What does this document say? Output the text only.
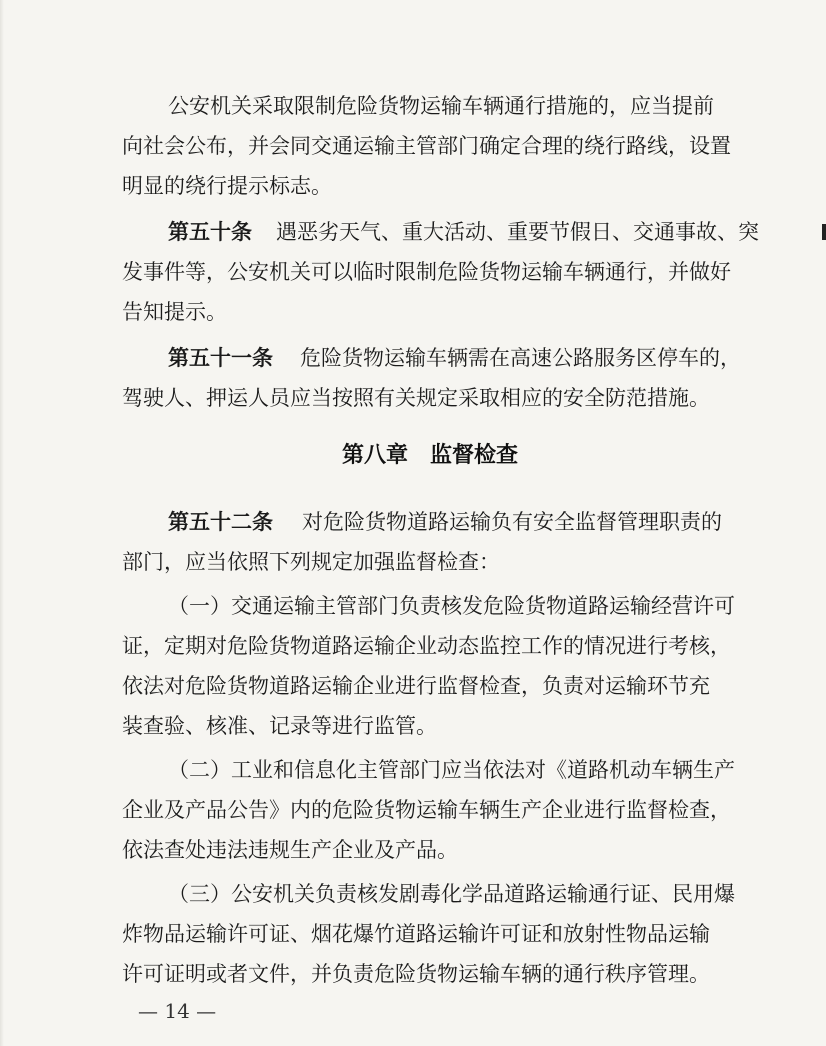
公安机关采取限制危险货物运输车辆通行措施的，应当提前
向社会公布，并会同交通运输主管部门确定合理的绕行路线，设置
明显的绕行提示标志。
第五十条 遇恶劣天气、重大活动、重要节假日、交通事故、突
发事件等，公安机关可以临时限制危险货物运输车辆通行，并做好
告知提示。
第五十一条 危险货物运输车辆需在高速公路服务区停车的，
驾驶人、押运人员应当按照有关规定采取相应的安全防范措施。
第八章　监督检查
第五十二条 对危险货物道路运输负有安全监督管理职责的
部门，应当依照下列规定加强监督检查：
（一）交通运输主管部门负责核发危险货物道路运输经营许可
证，定期对危险货物道路运输企业动态监控工作的情况进行考核，
依法对危险货物道路运输企业进行监督检查，负责对运输环节充
装查验、核准、记录等进行监管。
（二）工业和信息化主管部门应当依法对《道路机动车辆生产
企业及产品公告》内的危险货物运输车辆生产企业进行监督检查，
依法查处违法违规生产企业及产品。
（三）公安机关负责核发剧毒化学品道路运输通行证、民用爆
炸物品运输许可证、烟花爆竹道路运输许可证和放射性物品运输
许可证明或者文件，并负责危险货物运输车辆的通行秩序管理。
— 14 —
